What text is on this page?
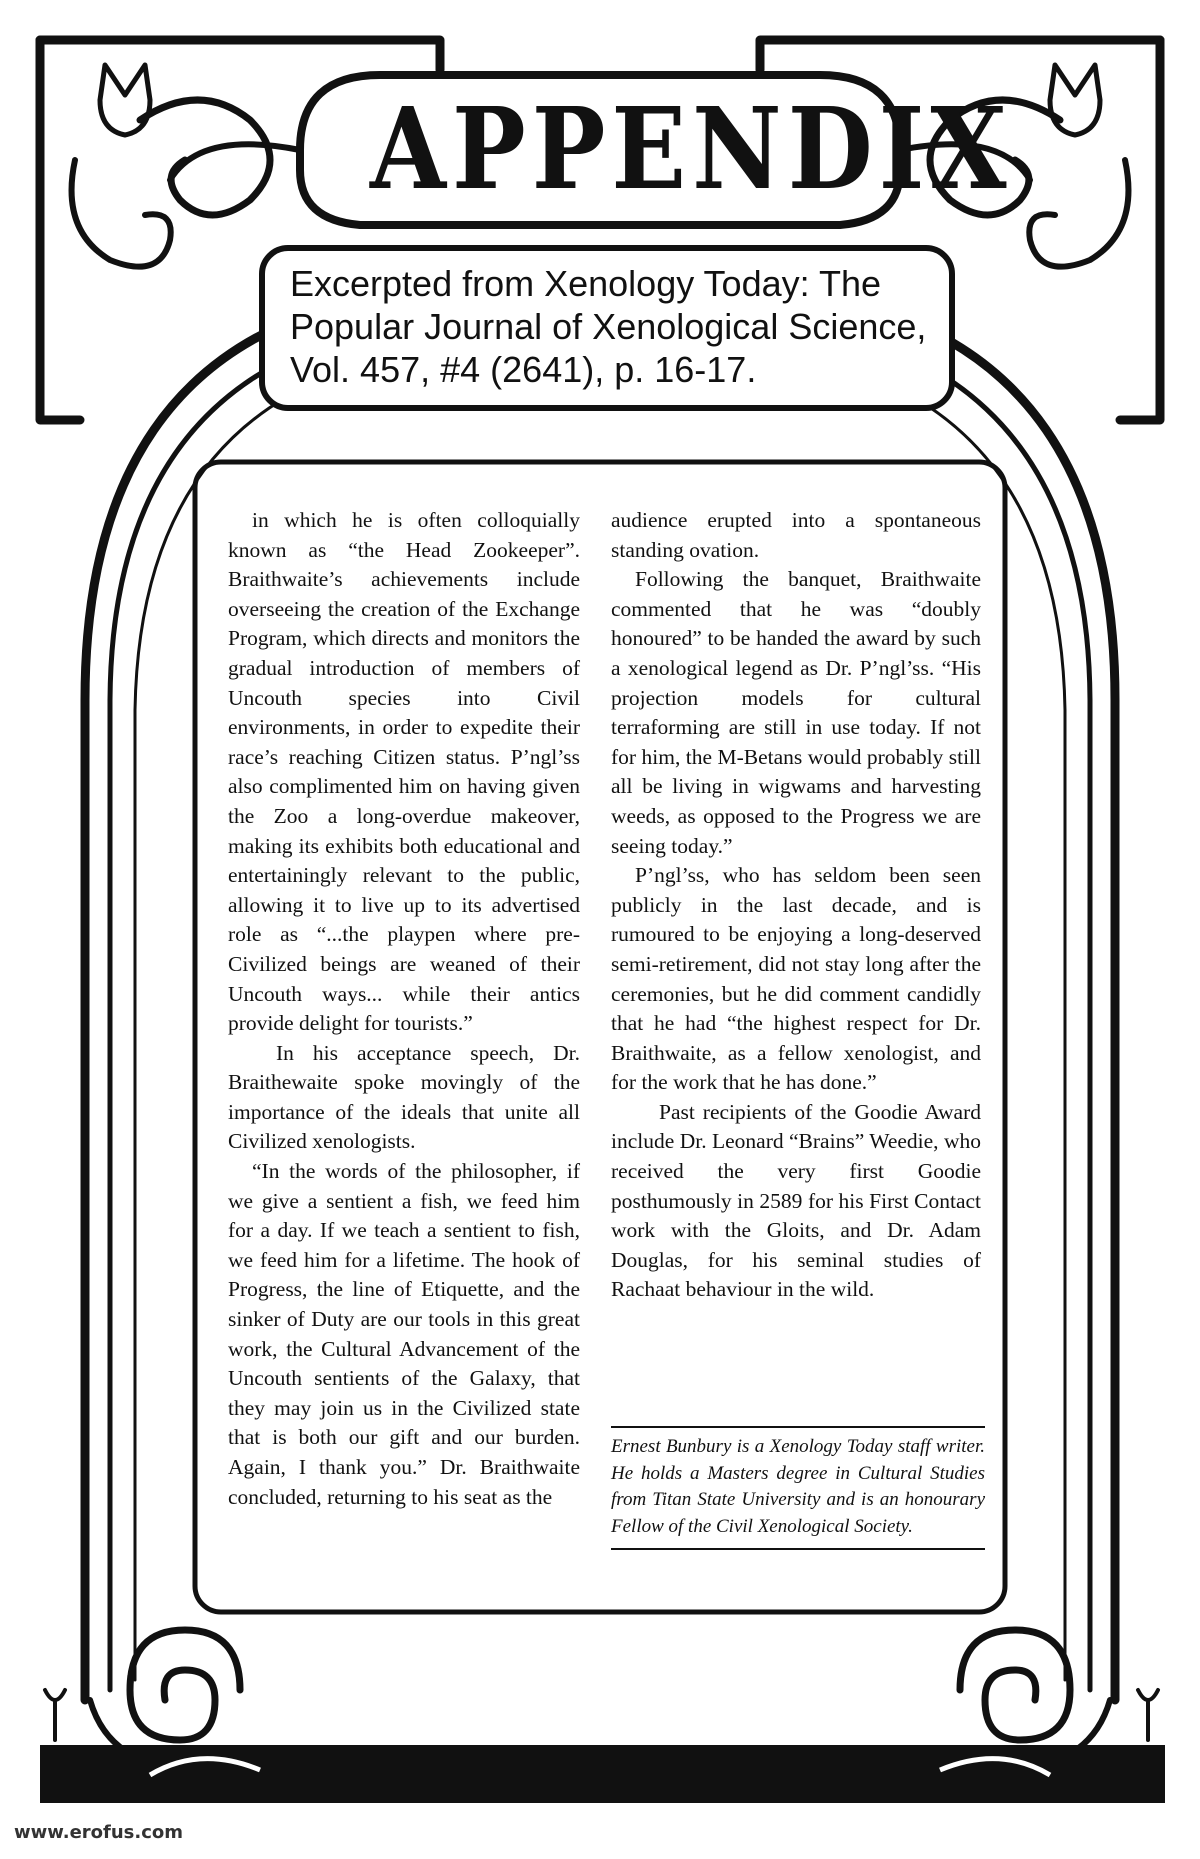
APPENDIX
Excerpted from Xenology Today: The
Popular Journal of Xenological Science,
Vol. 457, #4 (2641), p. 16-17.

in which he is often colloquially known as “the Head Zookeeper”. Braithwaite’s achievements include overseeing the creation of the Exchange Program, which directs and monitors the gradual introduction of members of Uncouth species into Civil environments, in order to expedite their race’s reaching Citizen status. P’ngl’ss also complimented him on having given the Zoo a long-overdue makeover, making its exhibits both educational and entertainingly relevant to the public, allowing it to live up to its advertised role as “...the playpen where pre-Civilized beings are weaned of their Uncouth ways... while their antics provide delight for tourists.”

In his acceptance speech, Dr. Braithewaite spoke movingly of the importance of the ideals that unite all Civilized xenologists.

“In the words of the philosopher, if we give a sentient a fish, we feed him for a day. If we teach a sentient to fish, we feed him for a lifetime. The hook of Progress, the line of Etiquette, and the sinker of Duty are our tools in this great work, the Cultural Advancement of the Uncouth sentients of the Galaxy, that they may join us in the Civilized state that is both our gift and our burden. Again, I thank you.” Dr. Braithwaite concluded, returning to his seat as the

audience erupted into a spontaneous standing ovation.

Following the banquet, Braithwaite commented that he was “doubly honoured” to be handed the award by such a xenological legend as Dr. P’ngl’ss. “His projection models for cultural terraforming are still in use today. If not for him, the M-Betans would probably still all be living in wigwams and harvesting weeds, as opposed to the Progress we are seeing today.”

P’ngl’ss, who has seldom been seen publicly in the last decade, and is rumoured to be enjoying a long-deserved semi-retirement, did not stay long after the ceremonies, but he did comment candidly that he had “the highest respect for Dr. Braithwaite, as a fellow xenologist, and for the work that he has done.”

Past recipients of the Goodie Award include Dr. Leonard “Brains” Weedie, who received the very first Goodie posthumously in 2589 for his First Contact work with the Gloits, and Dr. Adam Douglas, for his seminal studies of Rachaat behaviour in the wild.

Ernest Bunbury is a Xenology Today staff writer. He holds a Masters degree in Cultural Studies from Titan State University and is an honourary Fellow of the Civil Xenological Society.
www.erofus.com
